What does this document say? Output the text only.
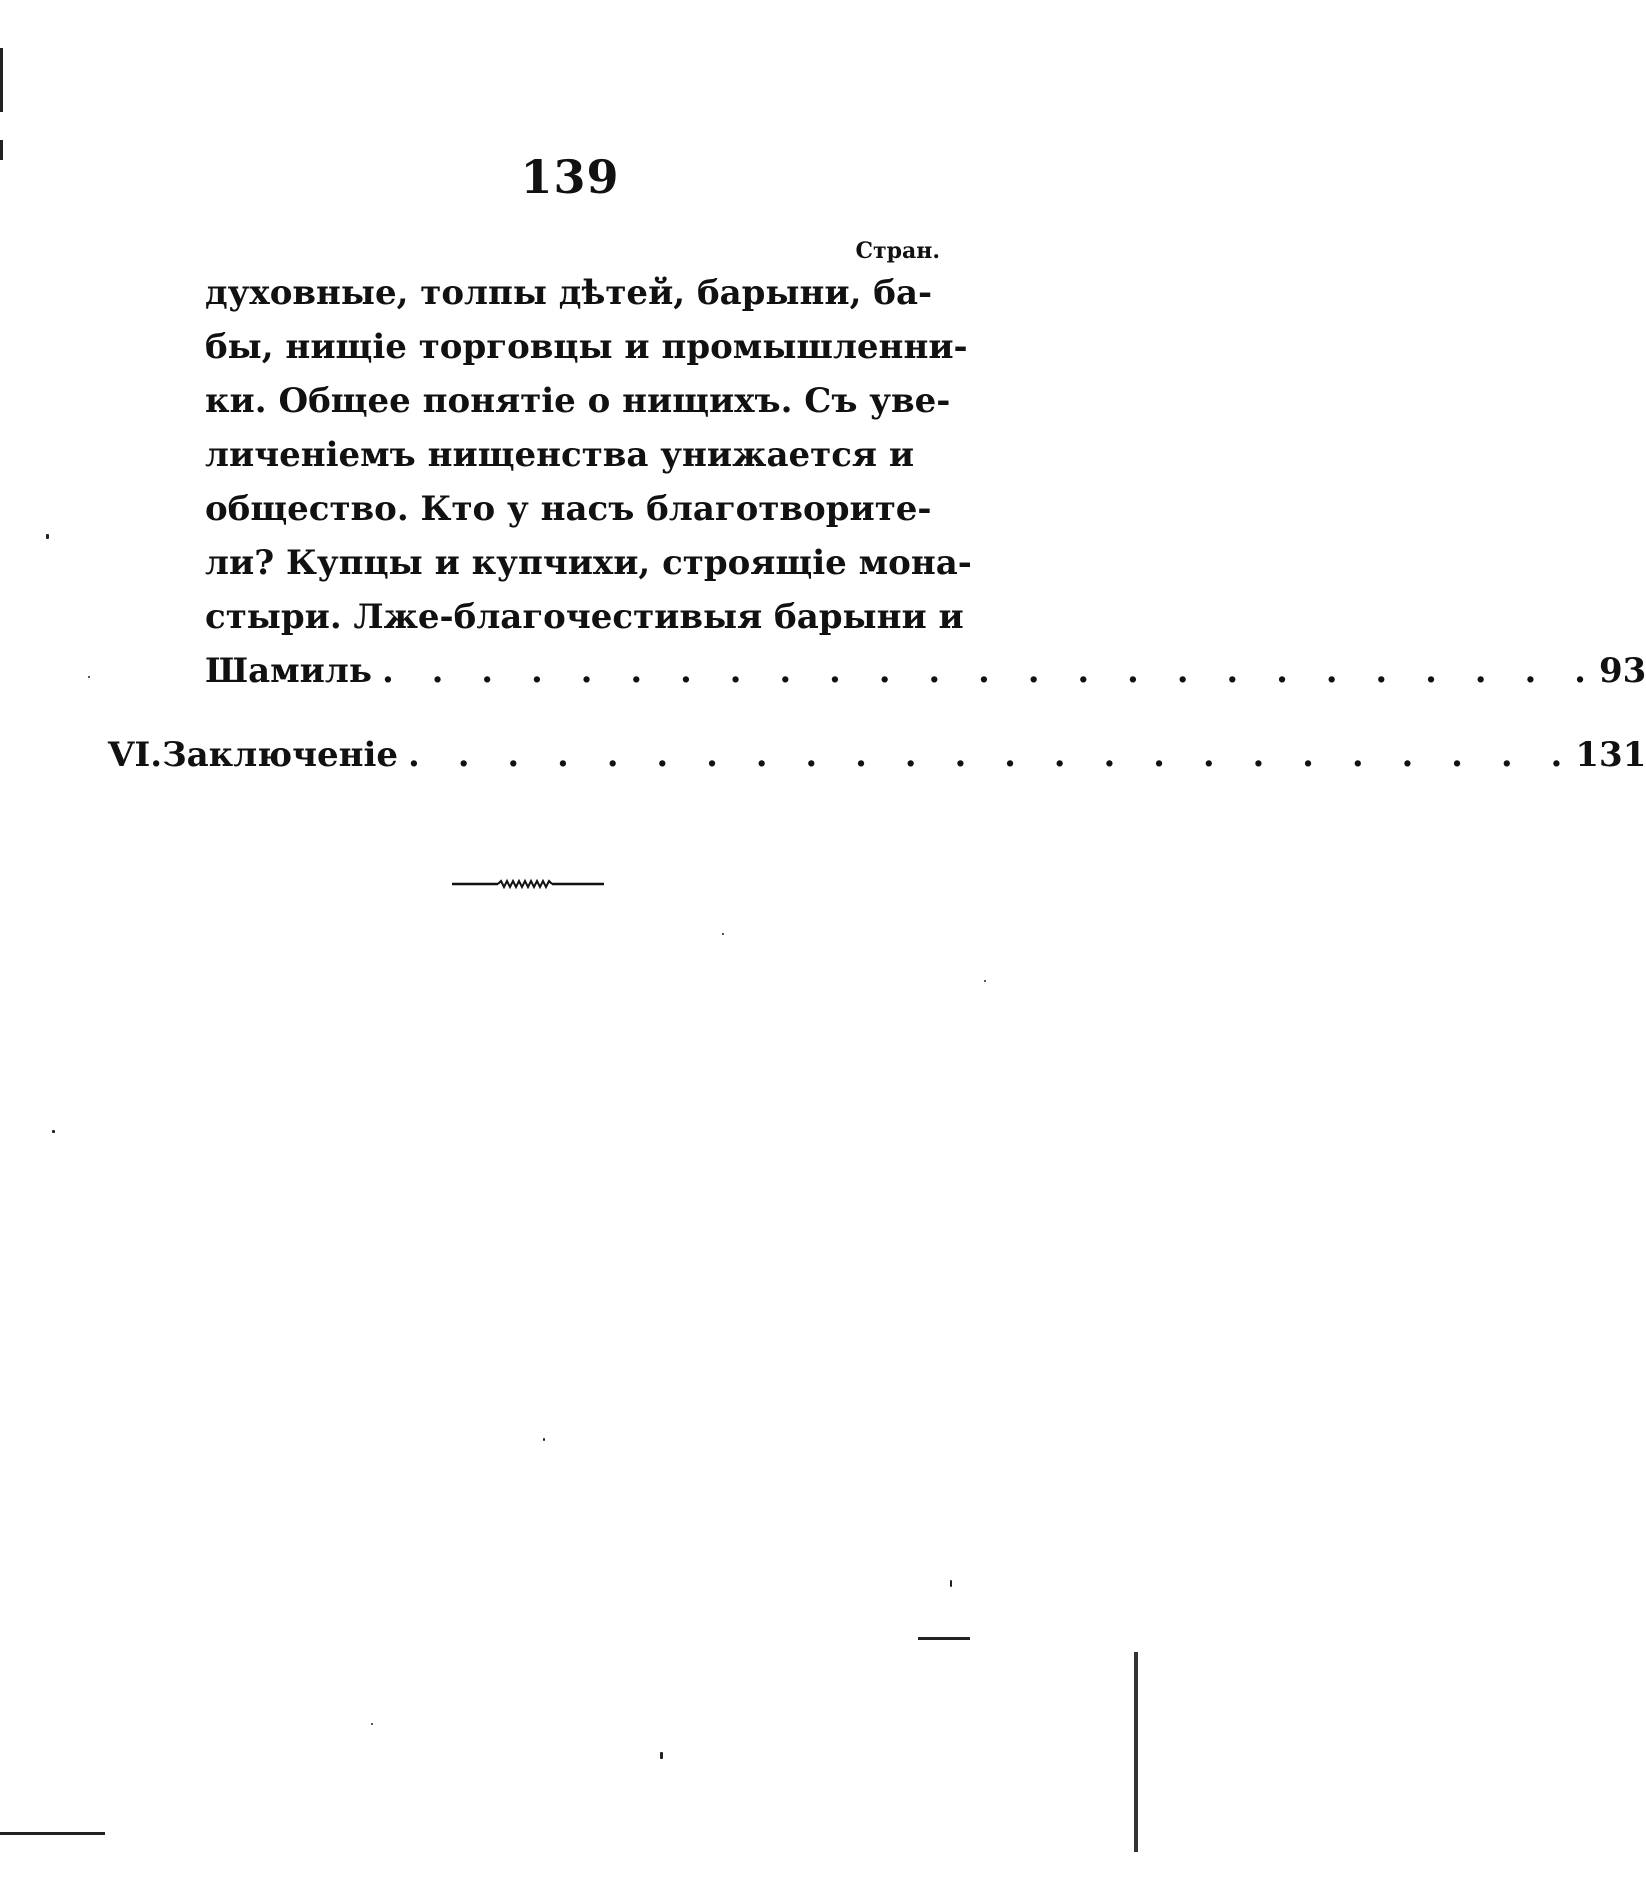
139
Стран.
духовные, толпы дѣтей, барыни, ба-
бы, нищіе торговцы и промышленни-
ки. Общее понятіе о нищихъ. Съ уве-
личеніемъ нищенства унижается и
общество. Кто у насъ благотворите-
ли? Купцы и купчихи, строящіе мона-
стыри. Лже-благочестивыя барыни и
Шамиль . . . . . . . . . . . . . . . . . . . . . . . . . 93
VI. Заключеніе . . . . . . . . . . . . . . . . . . . . . . . . 131
